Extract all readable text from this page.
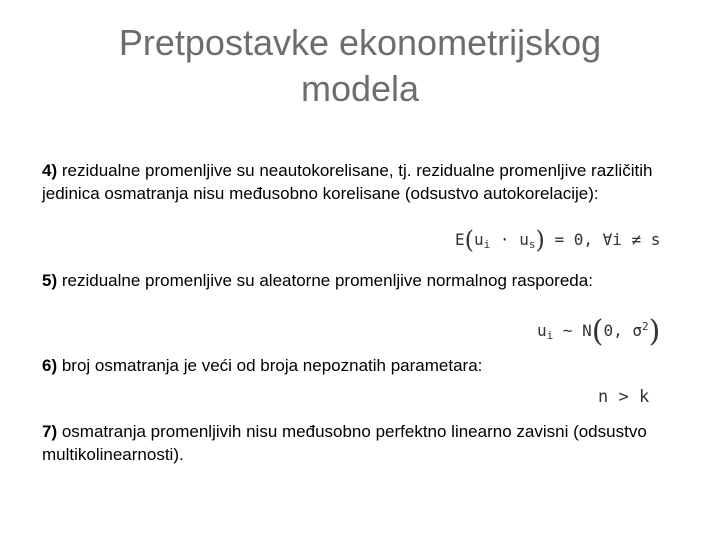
Pretpostavke ekonometrijskog
modela
4) rezidualne promenljive su neautokorelisane, tj. rezidualne promenljive različitih jedinica osmatranja nisu međusobno korelisane (odsustvo autokorelacije):
$E(u_i \cdot u_s) = 0$, ∀i ≠ s
5) rezidualne promenljive su aleatorne promenljive normalnog rasporeda:
$u_i$ ~ N(0, $\sigma^2$)
6) broj osmatranja je veći od broja nepoznatih parametara:
n > k
7) osmatranja promenljivih nisu međusobno perfektno linearno zavisni (odsustvo multikolinearnosti).
